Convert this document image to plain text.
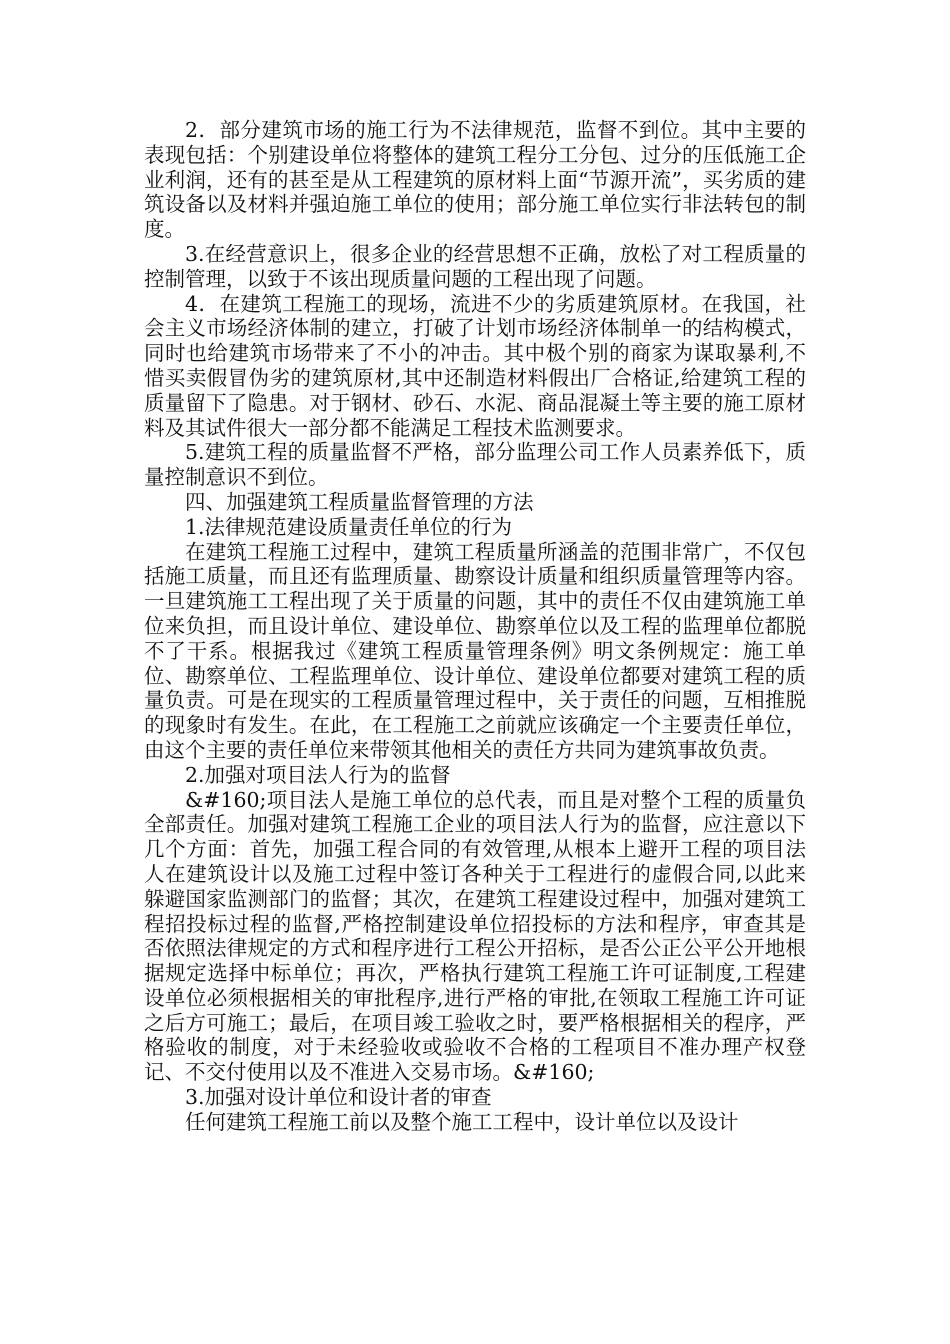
2．部分建筑市场的施工行为不法律规范，监督不到位。其中主要的表现包括：个别建设单位将整体的建筑工程分工分包、过分的压低施工企业利润，还有的甚至是从工程建筑的原材料上面“节源开流”，买劣质的建筑设备以及材料并强迫施工单位的使用；部分施工单位实行非法转包的制度。

3.在经营意识上，很多企业的经营思想不正确，放松了对工程质量的控制管理，以致于不该出现质量问题的工程出现了问题。

4．在建筑工程施工的现场，流进不少的劣质建筑原材。在我国，社会主义市场经济体制的建立，打破了计划市场经济体制单一的结构模式，同时也给建筑市场带来了不小的冲击。其中极个别的商家为谋取暴利,不惜买卖假冒伪劣的建筑原材,其中还制造材料假出厂合格证,给建筑工程的质量留下了隐患。对于钢材、砂石、水泥、商品混凝土等主要的施工原材料及其试件很大一部分都不能满足工程技术监测要求。

5.建筑工程的质量监督不严格，部分监理公司工作人员素养低下，质量控制意识不到位。

四、加强建筑工程质量监督管理的方法

1.法律规范建设质量责任单位的行为

在建筑工程施工过程中，建筑工程质量所涵盖的范围非常广，不仅包括施工质量，而且还有监理质量、勘察设计质量和组织质量管理等内容。一旦建筑施工工程出现了关于质量的问题，其中的责任不仅由建筑施工单位来负担，而且设计单位、建设单位、勘察单位以及工程的监理单位都脱不了干系。根据我过《建筑工程质量管理条例》明文条例规定：施工单位、勘察单位、工程监理单位、设计单位、建设单位都要对建筑工程的质量负责。可是在现实的工程质量管理过程中，关于责任的问题，互相推脱的现象时有发生。在此，在工程施工之前就应该确定一个主要责任单位，由这个主要的责任单位来带领其他相关的责任方共同为建筑事故负责。

2.加强对项目法人行为的监督

&#160;项目法人是施工单位的总代表，而且是对整个工程的质量负全部责任。加强对建筑工程施工企业的项目法人行为的监督，应注意以下几个方面：首先，加强工程合同的有效管理,从根本上避开工程的项目法人在建筑设计以及施工过程中签订各种关于工程进行的虚假合同,以此来躲避国家监测部门的监督；其次，在建筑工程建设过程中，加强对建筑工程招投标过程的监督,严格控制建设单位招投标的方法和程序，审查其是否依照法律规定的方式和程序进行工程公开招标，是否公正公平公开地根据规定选择中标单位；再次，严格执行建筑工程施工许可证制度,工程建设单位必须根据相关的审批程序,进行严格的审批,在领取工程施工许可证之后方可施工；最后，在项目竣工验收之时，要严格根据相关的程序，严格验收的制度，对于未经验收或验收不合格的工程项目不准办理产权登记、不交付使用以及不准进入交易市场。&#160;

3.加强对设计单位和设计者的审查

任何建筑工程施工前以及整个施工工程中，设计单位以及设计
